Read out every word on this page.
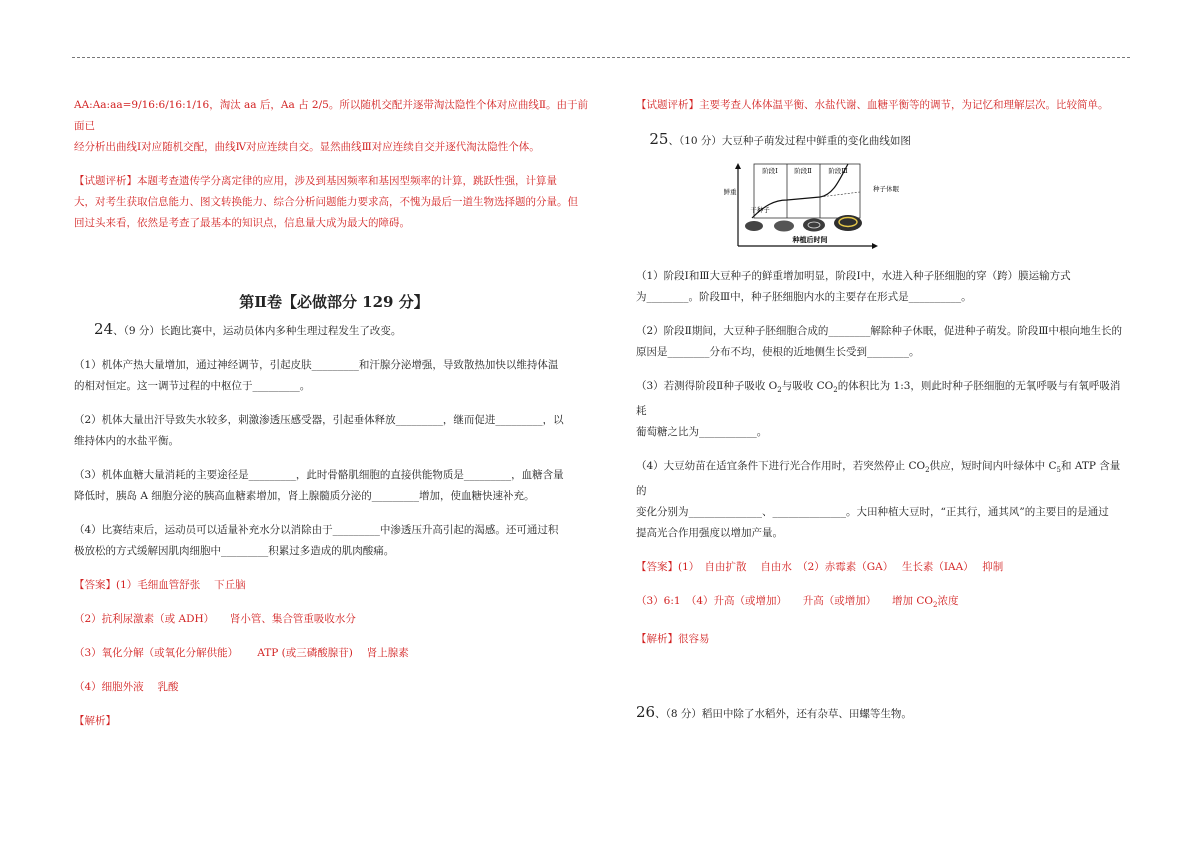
AA:Aa:aa=9/16:6/16:1/16，淘汰 aa 后，Aa 占 2/5。所以随机交配并逐带淘汰隐性个体对应曲线Ⅱ。由于前面已

经分析出曲线Ⅰ对应随机交配，曲线Ⅳ对应连续自交。显然曲线Ⅲ对应连续自交并逐代淘汰隐性个体。

【试题评析】本题考查遗传学分离定律的应用，涉及到基因频率和基因型频率的计算，跳跃性强，计算量

大，对考生获取信息能力、图文转换能力、综合分析问题能力要求高，不愧为最后一道生物选择题的分量。但

回过头来看，依然是考查了最基本的知识点，信息量大成为最大的障碍。

第Ⅱ卷【必做部分 129 分】

24、（9 分）长跑比赛中，运动员体内多种生理过程发生了改变。

（1）机体产热大量增加，通过神经调节，引起皮肤_________和汗腺分泌增强，导致散热加快以维持体温

的相对恒定。这一调节过程的中枢位于_________。

（2）机体大量出汗导致失水较多，刺激渗透压感受器，引起垂体释放_________，继而促进_________，以

维持体内的水盐平衡。

（3）机体血糖大量消耗的主要途径是_________，此时骨骼肌细胞的直接供能物质是_________，血糖含量

降低时，胰岛 A 细胞分泌的胰高血糖素增加，肾上腺髓质分泌的_________增加，使血糖快速补充。

（4）比赛结束后，运动员可以适量补充水分以消除由于_________中渗透压升高引起的渴感。还可通过积

极放松的方式缓解因肌肉细胞中_________积累过多造成的肌肉酸痛。

【答案】(1）毛细血管舒张　 下丘脑

（2）抗利尿激素（或 ADH）　　肾小管、集合管重吸收水分

（3）氧化分解（或氧化分解供能）　　 ATP (或三磷酸腺苷)　 肾上腺素

（4）细胞外液　 乳酸

【解析】

【试题评析】主要考查人体体温平衡、水盐代谢、血糖平衡等的调节，为记忆和理解层次。比较简单。

25、（10 分）大豆种子萌发过程中鲜重的变化曲线如图

阶段Ⅰ	阶段Ⅱ	阶段Ⅲ
种子休眠
干种子
鲜重
种植后时间

（1）阶段Ⅰ和Ⅲ大豆种子的鲜重增加明显，阶段Ⅰ中，水进入种子胚细胞的穿（跨）膜运输方式

为________。阶段Ⅲ中，种子胚细胞内水的主要存在形式是__________。

（2）阶段Ⅱ期间，大豆种子胚细胞合成的________解除种子休眠，促进种子萌发。阶段Ⅲ中根向地生长的

原因是________分布不均，使根的近地侧生长受到________。

（3）若测得阶段Ⅱ种子吸收 $O_2$与吸收 $CO_2$的体积比为 1:3，则此时种子胚细胞的无氧呼吸与有氧呼吸消耗

葡萄糖之比为___________。

（4）大豆幼苗在适宜条件下进行光合作用时，若突然停止 $CO_2$供应，短时间内叶绿体中 $C_5$和 ATP 含量的

变化分别为______________、______________。大田种植大豆时，“正其行，通其风”的主要目的是通过

提高光合作用强度以增加产量。

【答案】(1）　自由扩散　 自由水　（2）赤霉素（GA）　 生长素（IAA）　 抑制

（3）6:1　（4）升高（或增加）　　升高（或增加）　　增加 $CO_2$浓度

【解析】很容易

26、（8 分）稻田中除了水稻外，还有杂草、田螺等生物。
